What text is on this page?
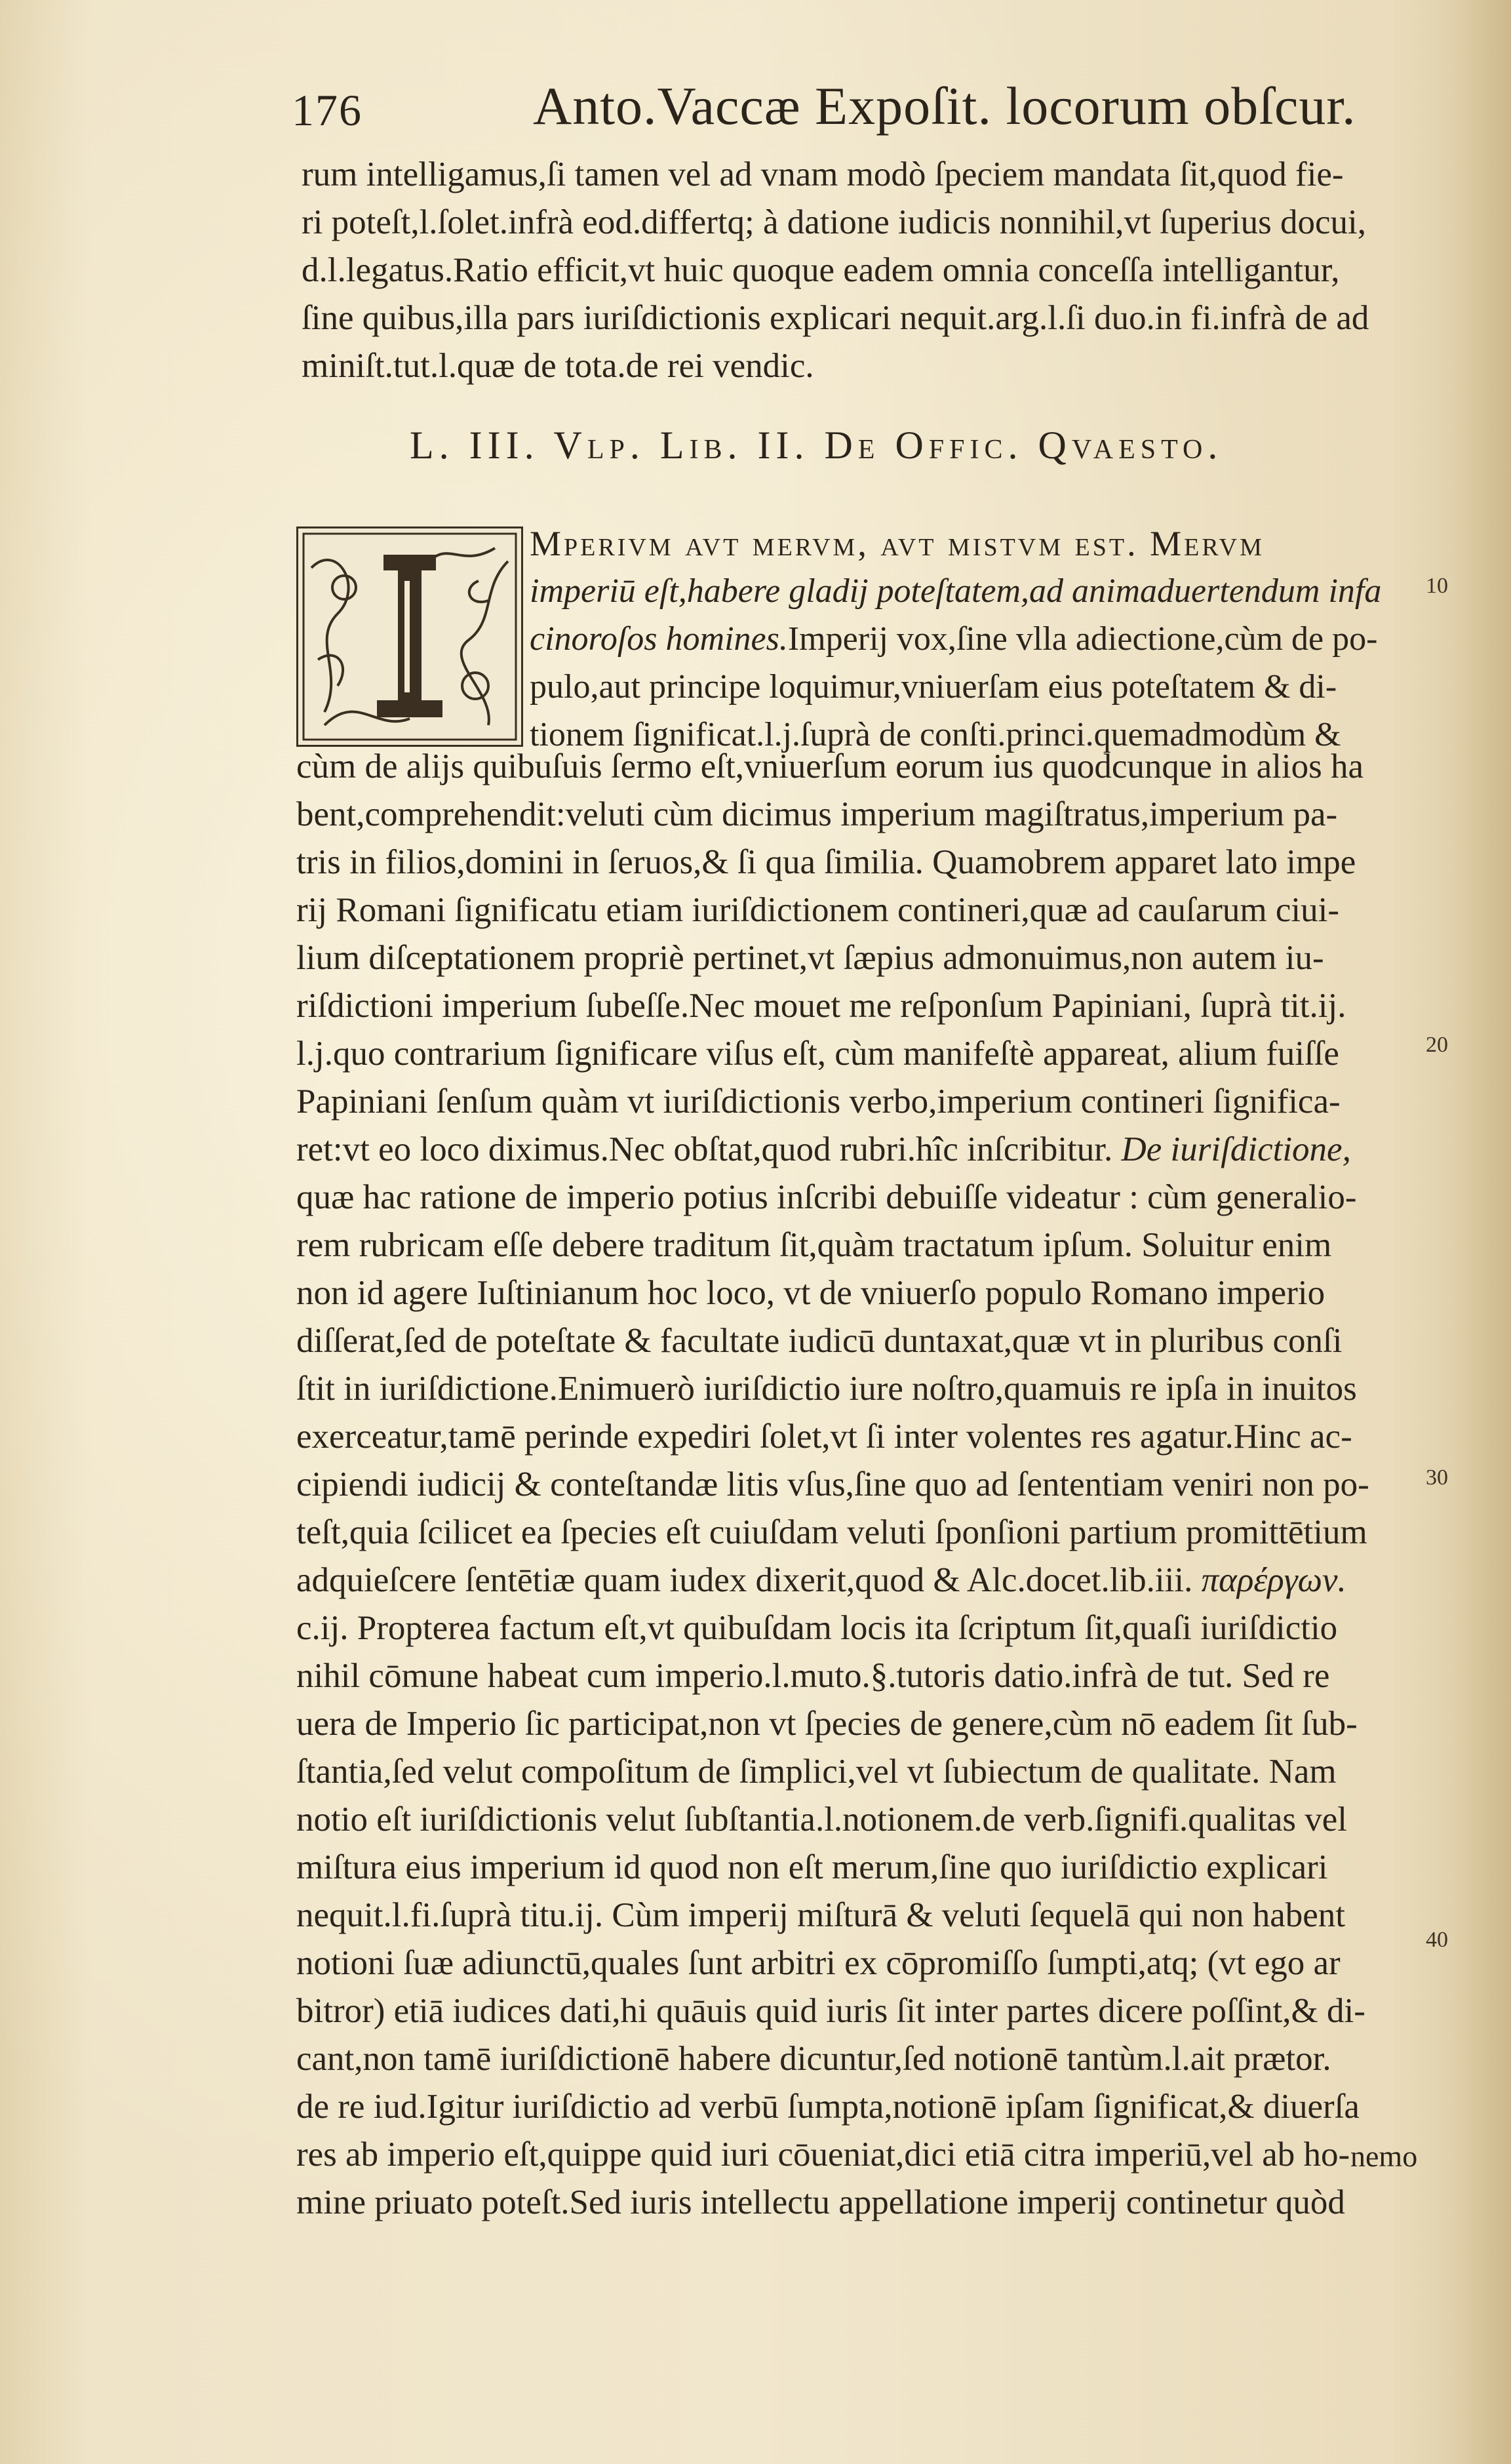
176	Anto.Vaccæ Expoſit. locorum obſcur.
rum intelligamus,ſi tamen vel ad vnam modò ſpeciem mandata ſit,quod fie-
ri poteſt,l.ſolet.infrà eod.differtq; à datione iudicis nonnihil,vt ſuperius docui,
d.l.legatus.Ratio efficit,vt huic quoque eadem omnia conceſſa intelligantur,
ſine quibus,illa pars iuriſdictionis explicari nequit.arg.l.ſi duo.in fi.infrà de ad
miniſt.tut.l.quæ de tota.de rei vendic.
L. III. Vlp. Lib. II. De Offic. Qvaesto.
Mperivm avt mervm, avt mistvm est. Mervm
imperiū eſt,habere gladij poteſtatem,ad animaduertendum infa
cinoroſos homines.Imperij vox,ſine vlla adiectione,cùm de po-
pulo,aut principe loquimur,vniuerſam eius poteſtatem & di-
tionem ſignificat.l.j.ſuprà de conſti.princi.quemadmodùm &
cùm de alijs quibuſuis ſermo eſt,vniuerſum eorum ius quodcunque in alios ha
bent,comprehendit:veluti cùm dicimus imperium magiſtratus,imperium pa-
tris in filios,domini in ſeruos,& ſi qua ſimilia. Quamobrem apparet lato impe
rij Romani ſignificatu etiam iuriſdictionem contineri,quæ ad cauſarum ciui-
lium diſceptationem propriè pertinet,vt ſæpius admonuimus,non autem iu-
riſdictioni imperium ſubeſſe.Nec mouet me reſponſum Papiniani, ſuprà tit.ij.
l.j.quo contrarium ſignificare viſus eſt, cùm manifeſtè appareat, alium fuiſſe
Papiniani ſenſum quàm vt iuriſdictionis verbo,imperium contineri ſignifica-
ret:vt eo loco diximus.Nec obſtat,quod rubri.hîc inſcribitur. De iuriſdictione,
quæ hac ratione de imperio potius inſcribi debuiſſe videatur : cùm generalio-
rem rubricam eſſe debere traditum ſit,quàm tractatum ipſum. Soluitur enim
non id agere Iuſtinianum hoc loco, vt de vniuerſo populo Romano imperio
diſſerat,ſed de poteſtate & facultate iudicū duntaxat,quæ vt in pluribus conſi
ſtit in iuriſdictione.Enimuerò iuriſdictio iure noſtro,quamuis re ipſa in inuitos
exerceatur,tamē perinde expediri ſolet,vt ſi inter volentes res agatur.Hinc ac-
cipiendi iudicij & conteſtandæ litis vſus,ſine quo ad ſententiam veniri non po-
teſt,quia ſcilicet ea ſpecies eſt cuiuſdam veluti ſponſioni partium promittētium
adquieſcere ſentētiæ quam iudex dixerit,quod & Alc.docet.lib.iii. παρέργων.
c.ij. Propterea factum eſt,vt quibuſdam locis ita ſcriptum ſit,quaſi iuriſdictio
nihil cōmune habeat cum imperio.l.muto.§.tutoris datio.infrà de tut. Sed re
uera de Imperio ſic participat,non vt ſpecies de genere,cùm nō eadem ſit ſub-
ſtantia,ſed velut compoſitum de ſimplici,vel vt ſubiectum de qualitate. Nam
notio eſt iuriſdictionis velut ſubſtantia.l.notionem.de verb.ſignifi.qualitas vel
miſtura eius imperium id quod non eſt merum,ſine quo iuriſdictio explicari
nequit.l.fi.ſuprà titu.ij. Cùm imperij miſturā & veluti ſequelā qui non habent
notioni ſuæ adiunctū,quales ſunt arbitri ex cōpromiſſo ſumpti,atq; (vt ego ar
bitror) etiā iudices dati,hi quāuis quid iuris ſit inter partes dicere poſſint,& di-
cant,non tamē iuriſdictionē habere dicuntur,ſed notionē tantùm.l.ait prætor.
de re iud.Igitur iuriſdictio ad verbū ſumpta,notionē ipſam ſignificat,& diuerſa
res ab imperio eſt,quippe quid iuri cōueniat,dici etiā citra imperiū,vel ab ho-
mine priuato poteſt.Sed iuris intellectu appellatione imperij continetur quòd
10
20
30
40
nemo
